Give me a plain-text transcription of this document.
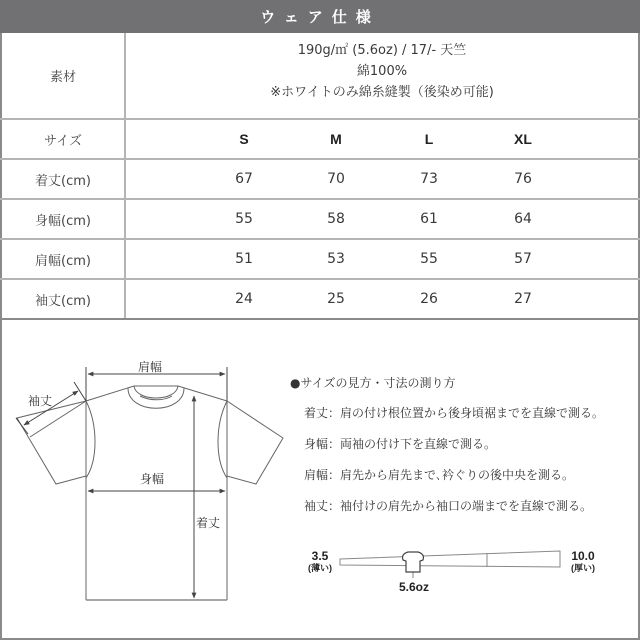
ウェア仕様
素材
190g/㎡ (5.6oz) / 17/- 天竺
綿100%
※ホワイトのみ綿糸縫製（後染め可能)
サイズ	S	M	L	XL
着丈(cm)	67	70	73	76
身幅(cm)	55	58	61	64
肩幅(cm)	51	53	55	57
袖丈(cm)	24	25	26	27
肩幅
袖丈
身幅
着丈
●サイズの見方・寸法の測り方
着丈：肩の付け根位置から後身頃裾までを直線で測る。
身幅：両袖の付け下を直線で測る。
肩幅：肩先から肩先まで､衿ぐりの後中央を測る。
袖丈：袖付けの肩先から袖口の端までを直線で測る。
3.5
(薄い)
10.0
(厚い)
5.6oz
